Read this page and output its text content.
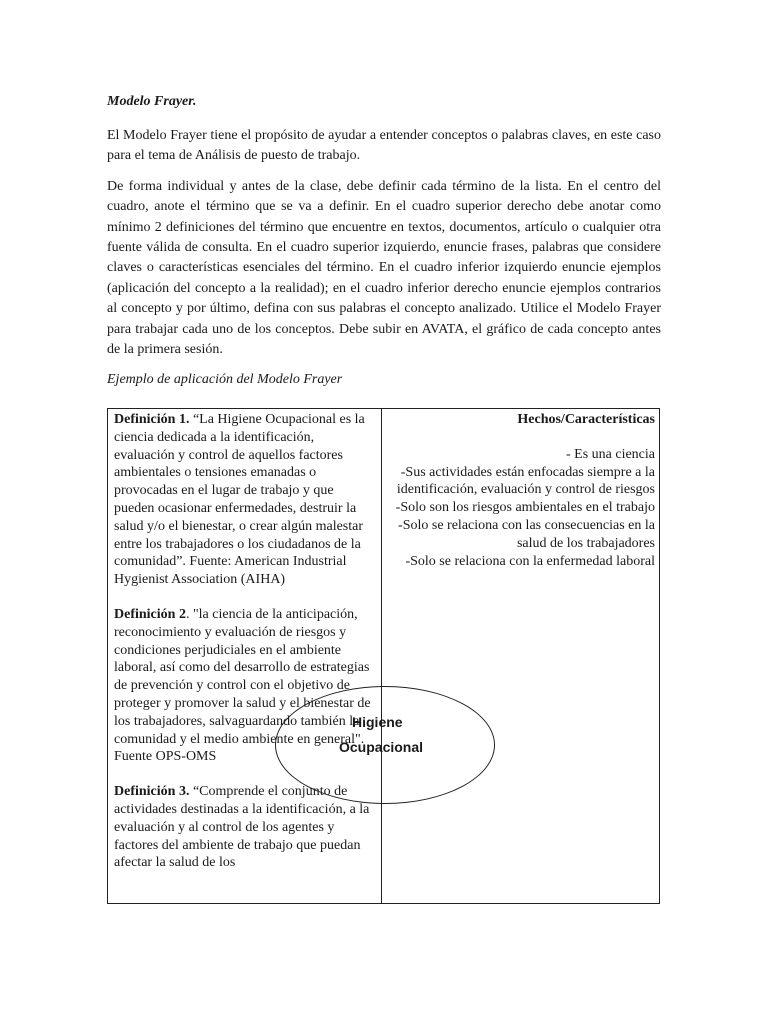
Modelo Frayer.

El Modelo Frayer tiene el propósito de ayudar a entender conceptos o palabras claves, en este caso para el tema de Análisis de puesto de trabajo.

De forma individual y antes de la clase, debe definir cada término de la lista. En el centro del cuadro, anote el término que se va a definir. En el cuadro superior derecho debe anotar como mínimo 2 definiciones del término que encuentre en textos, documentos, artículo o cualquier otra fuente válida de consulta. En el cuadro superior izquierdo, enuncie frases, palabras que considere claves o características esenciales del término. En el cuadro inferior izquierdo enuncie ejemplos (aplicación del concepto a la realidad); en el cuadro inferior derecho enuncie ejemplos contrarios al concepto y por último, defina con sus palabras el concepto analizado. Utilice el Modelo Frayer para trabajar cada uno de los conceptos. Debe subir en AVATA, el gráfico de cada concepto antes de la primera sesión.

Ejemplo de aplicación del Modelo Frayer

Definición 1. “La Higiene Ocupacional es la ciencia dedicada a la identificación, evaluación y control de aquellos factores ambientales o tensiones emanadas o provocadas en el lugar de trabajo y que pueden ocasionar enfermedades, destruir la salud y/o el bienestar, o crear algún malestar entre los trabajadores o los ciudadanos de la comunidad”. Fuente: American Industrial Hygienist Association (AIHA)

Definición 2. "la ciencia de la anticipación, reconocimiento y evaluación de riesgos y condiciones perjudiciales en el ambiente laboral, así como del desarrollo de estrategias de prevención y control con el objetivo de proteger y promover la salud y el bienestar de los trabajadores, salvaguardando también la comunidad y el medio ambiente en general". Fuente OPS-OMS

Definición 3. “Comprende el conjunto de actividades destinadas a la identificación, a la evaluación y al control de los agentes y factores del ambiente de trabajo que puedan afectar la salud de los

Hechos/Características
- Es una ciencia
-Sus actividades están enfocadas siempre a la identificación, evaluación y control de riesgos
-Solo son los riesgos ambientales en el trabajo
-Solo se relaciona con las consecuencias en la salud de los trabajadores
-Solo se relaciona con la enfermedad laboral
Higiene
Ocupacional
